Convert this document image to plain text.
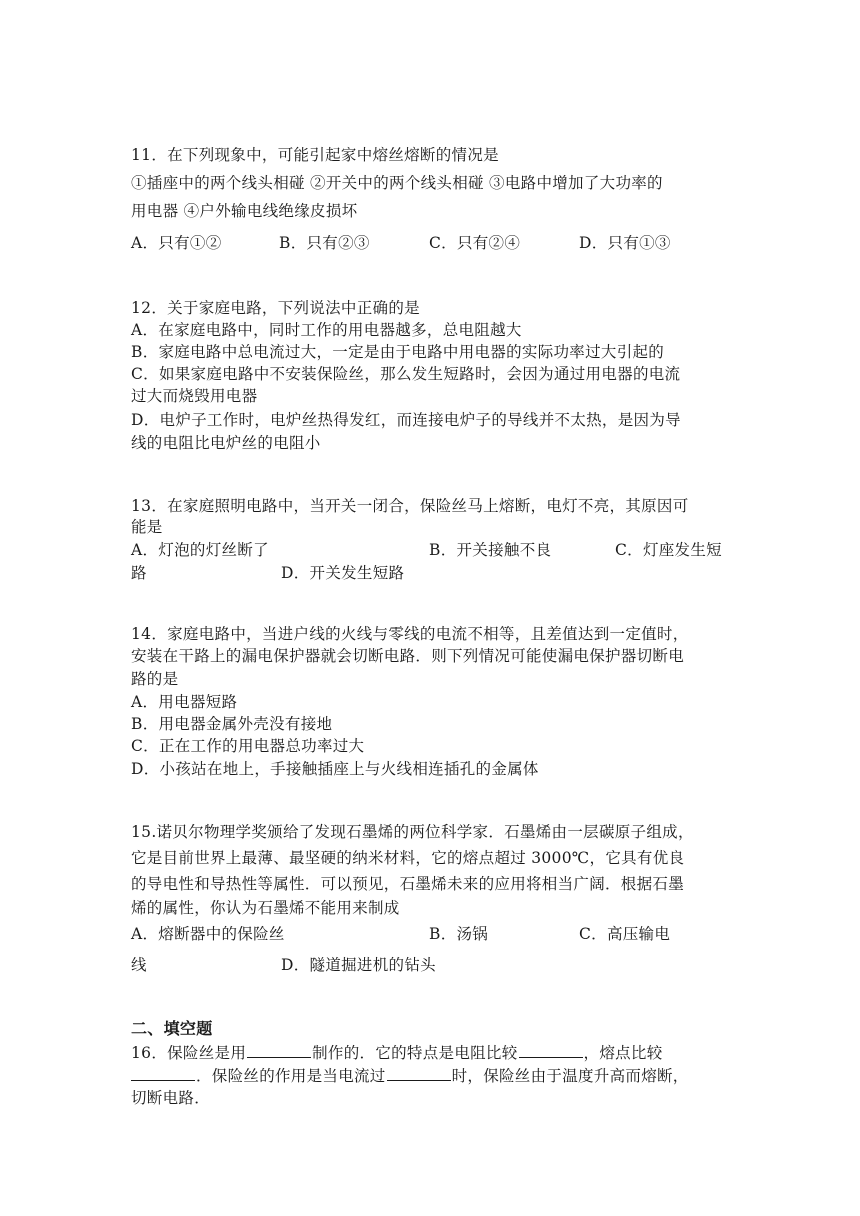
11．在下列现象中，可能引起家中熔丝熔断的情况是

①插座中的两个线头相碰 ②开关中的两个线头相碰 ③电路中增加了大功率的

用电器 ④户外输电线绝缘皮损坏

A．只有①②	B．只有②③	C．只有②④	D．只有①③

12．关于家庭电路，下列说法中正确的是

A．在家庭电路中，同时工作的用电器越多，总电阻越大

B．家庭电路中总电流过大，一定是由于电路中用电器的实际功率过大引起的

C．如果家庭电路中不安装保险丝，那么发生短路时，会因为通过用电器的电流

过大而烧毁用电器

D．电炉子工作时，电炉丝热得发红，而连接电炉子的导线并不太热，是因为导

线的电阻比电炉丝的电阻小

13．在家庭照明电路中，当开关一闭合，保险丝马上熔断，电灯不亮，其原因可

能是

A．灯泡的灯丝断了	B．开关接触不良	C．灯座发生短

路	D．开关发生短路

14．家庭电路中，当进户线的火线与零线的电流不相等，且差值达到一定值时，

安装在干路上的漏电保护器就会切断电路．则下列情况可能使漏电保护器切断电

路的是

A．用电器短路

B．用电器金属外壳没有接地

C．正在工作的用电器总功率过大

D．小孩站在地上，手接触插座上与火线相连插孔的金属体

15.诺贝尔物理学奖颁给了发现石墨烯的两位科学家．石墨烯由一层碳原子组成，

它是目前世界上最薄、最坚硬的纳米材料，它的熔点超过 3000℃，它具有优良

的导电性和导热性等属性．可以预见，石墨烯未来的应用将相当广阔．根据石墨

烯的属性，你认为石墨烯不能用来制成

A．熔断器中的保险丝	B．汤锅	C．高压输电

线	D．隧道掘进机的钻头

二、填空题

16．保险丝是用	制作的．它的特点是电阻比较	，熔点比较

．保险丝的作用是当电流过	时，保险丝由于温度升高而熔断，

切断电路．
